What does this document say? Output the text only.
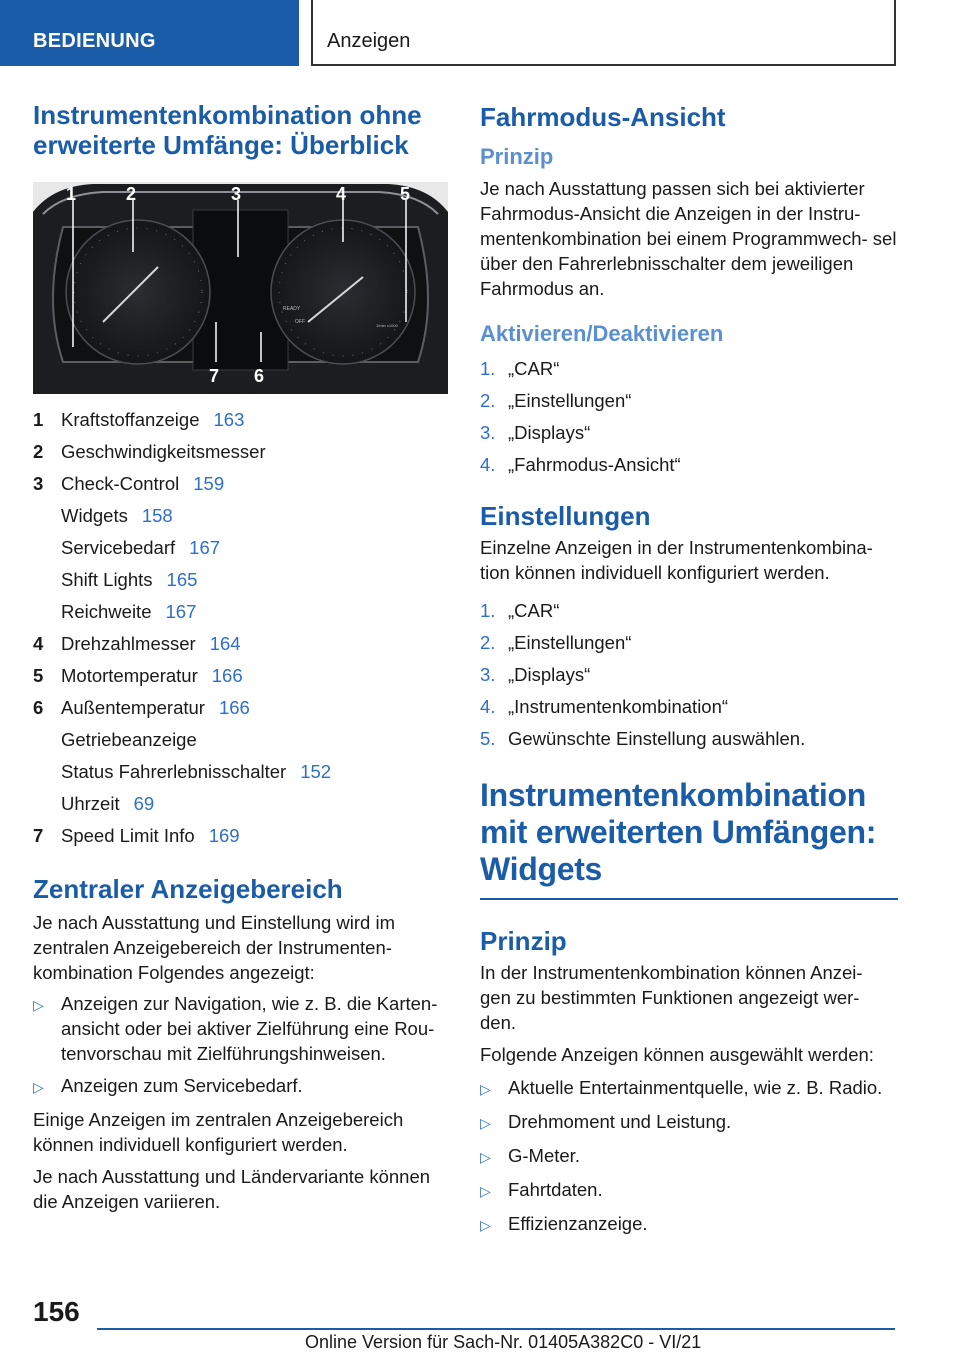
BEDIENUNG	Anzeigen
Instrumentenkombination ohne erweiterte Umfänge: Überblick
READY
OFF
1/min x1000
1	2	3	4	5
7 6
1 Kraftstoffanzeige 163
2 Geschwindigkeitsmesser
3 Check-Control 159
Widgets 158
Servicebedarf 167
Shift Lights 165
Reichweite 167
4 Drehzahlmesser 164
5 Motortemperatur 166
6 Außentemperatur 166
Getriebeanzeige
Status Fahrerlebnisschalter 152
Uhrzeit 69
7 Speed Limit Info 169
Zentraler Anzeigebereich

Je nach Ausstattung und Einstellung wird im zentralen Anzeigebereich der Instrumenten‐ kombination Folgendes angezeigt:

▷ Anzeigen zur Navigation, wie z. B. die Karten‐ ansicht oder bei aktiver Zielführung eine Rou‐ tenvorschau mit Zielführungshinweisen.
▷ Anzeigen zum Servicebedarf.

Einige Anzeigen im zentralen Anzeigebereich können individuell konfiguriert werden.

Je nach Ausstattung und Ländervariante können die Anzeigen variieren.

Fahrmodus-Ansicht
Prinzip

Je nach Ausstattung passen sich bei aktivierter Fahrmodus-Ansicht die Anzeigen in der Instru‐ mentenkombination bei einem Programmwech‐ sel über den Fahrerlebnisschalter dem jeweiligen Fahrmodus an.

Aktivieren/Deaktivieren
1. „CAR“
2. „Einstellungen“
3. „Displays“
4. „Fahrmodus-Ansicht“
Einstellungen

Einzelne Anzeigen in der Instrumentenkombina‐ tion können individuell konfiguriert werden.

1. „CAR“
2. „Einstellungen“
3. „Displays“
4. „Instrumentenkombination“
5. Gewünschte Einstellung auswählen.
Instrumentenkombination mit erweiterten Umfängen: Widgets
Prinzip

In der Instrumentenkombination können Anzei‐ gen zu bestimmten Funktionen angezeigt wer‐ den.

Folgende Anzeigen können ausgewählt werden:

▷ Aktuelle Entertainmentquelle, wie z. B. Radio.
▷ Drehmoment und Leistung.
▷ G-Meter.
▷ Fahrtdaten.
▷ Effizienzanzeige.
156
Online Version für Sach-Nr. 01405A382C0 - VI/21
